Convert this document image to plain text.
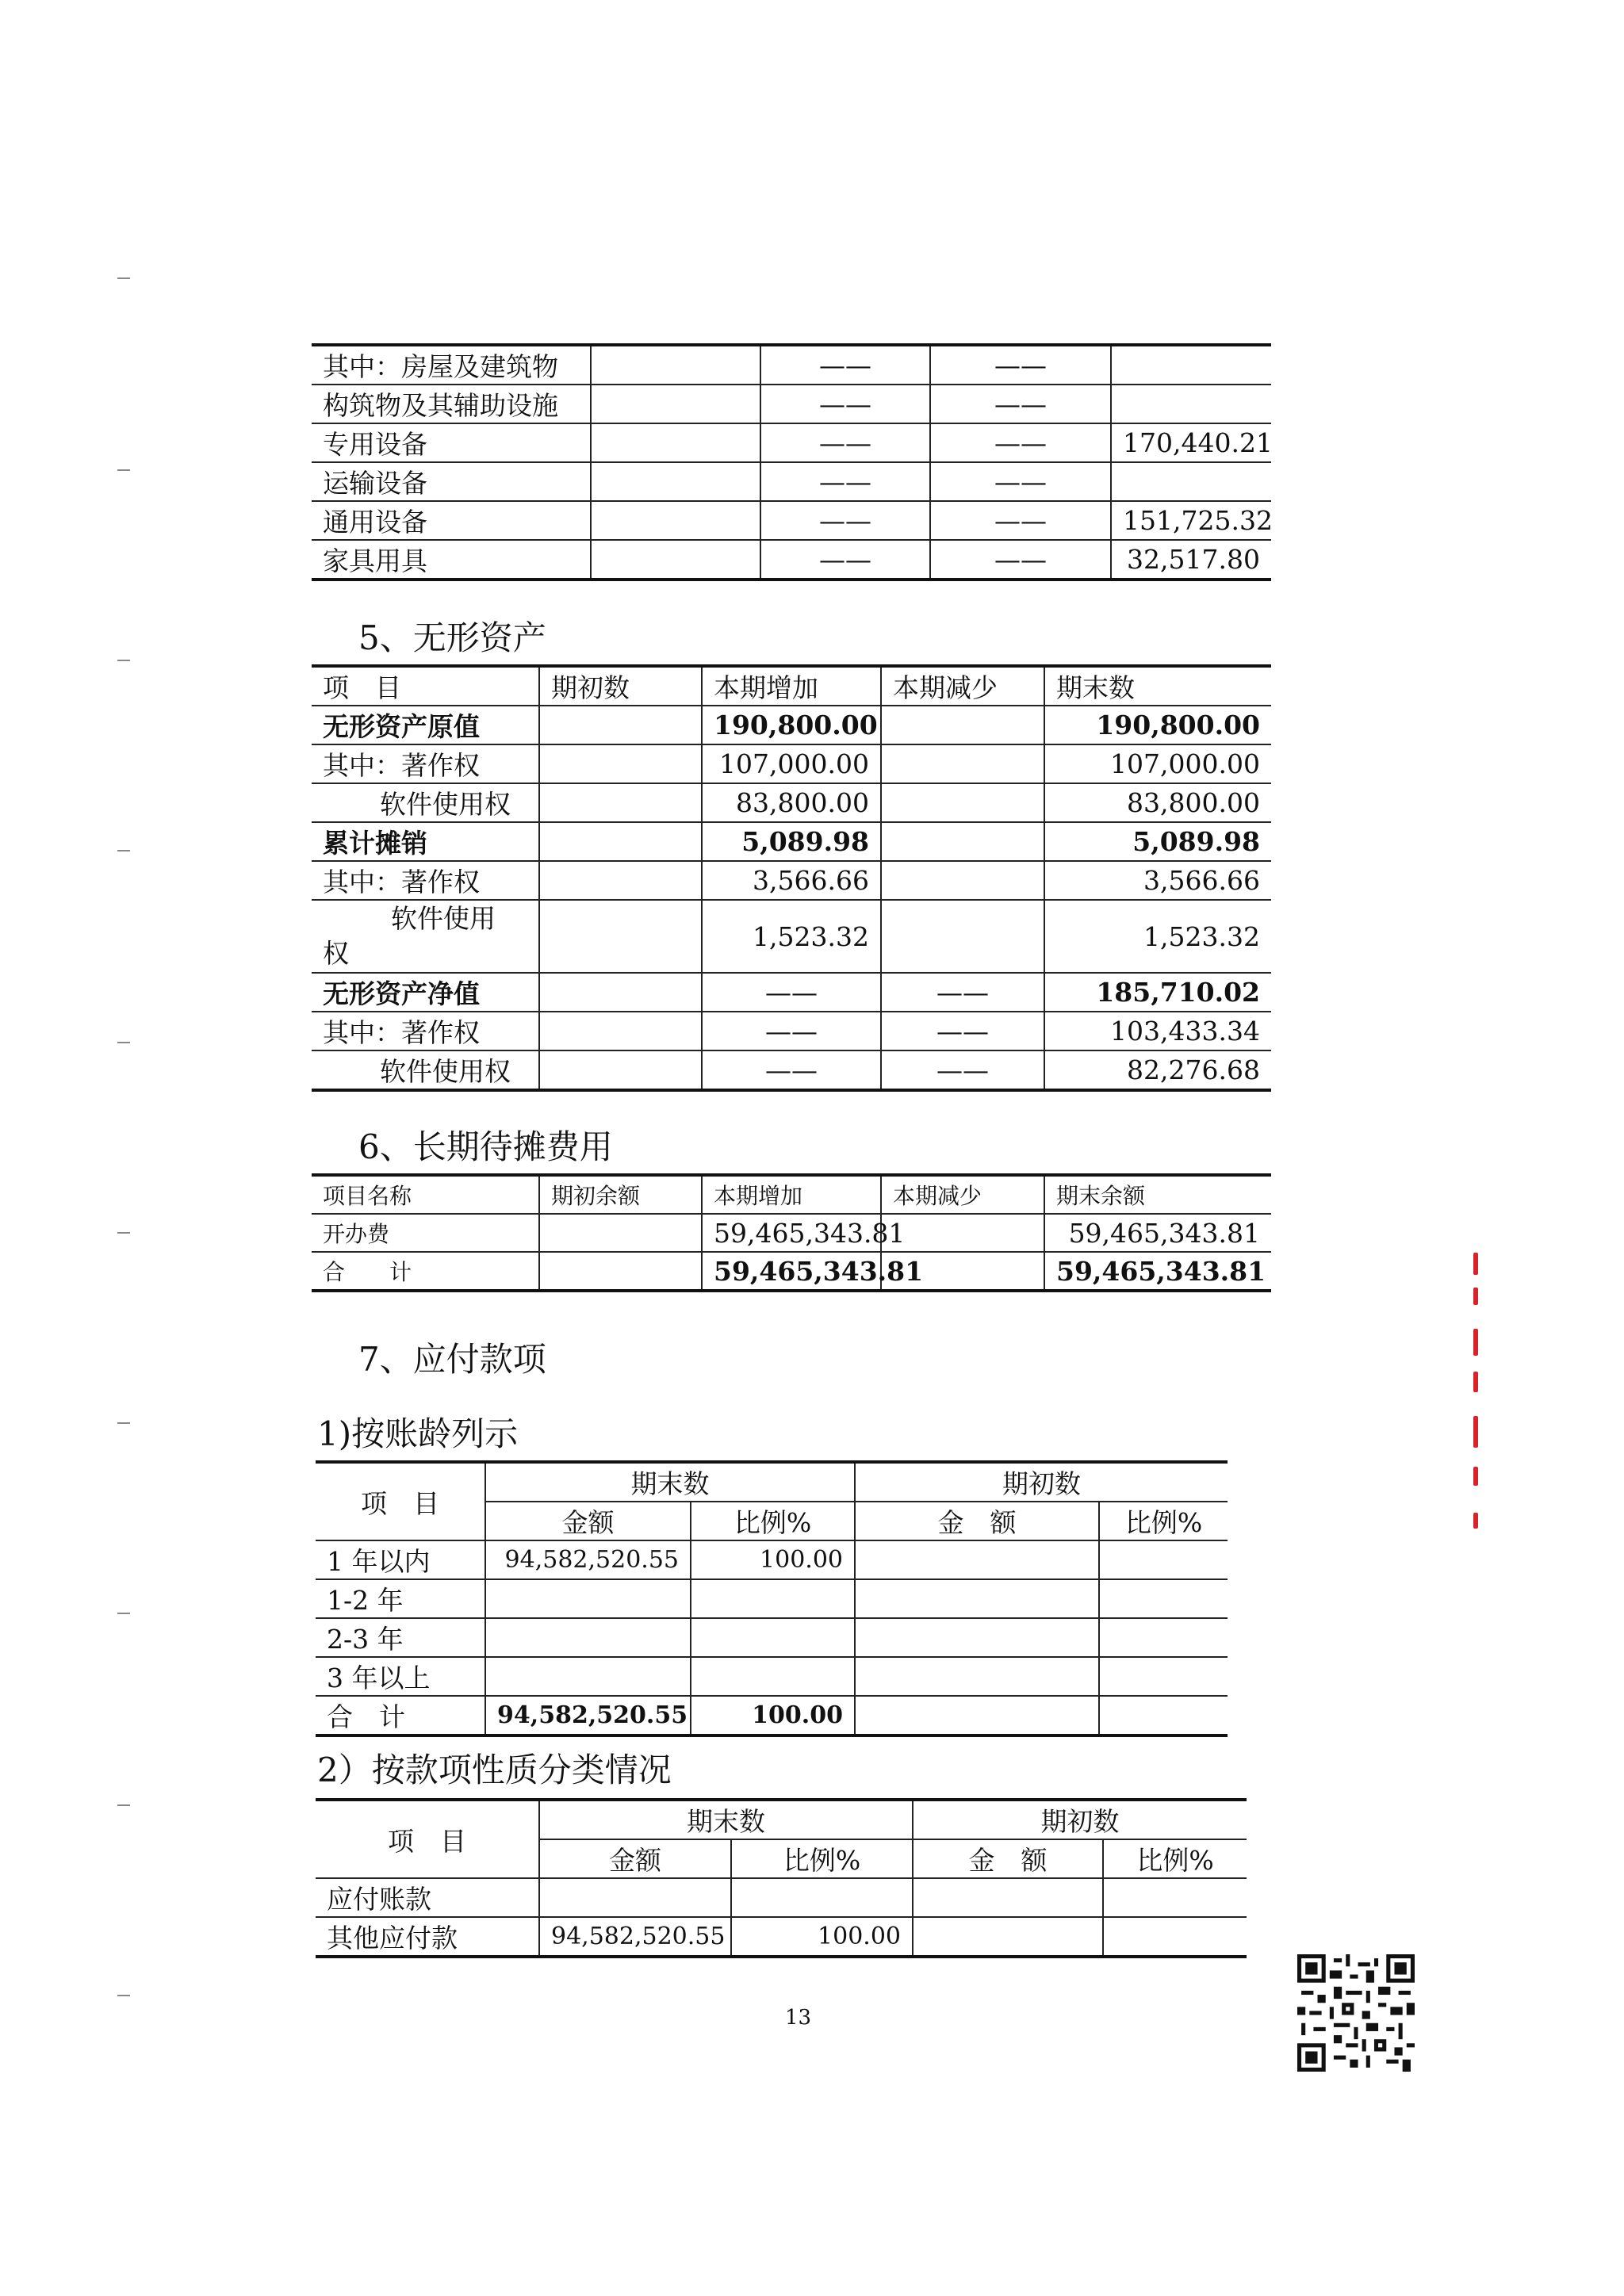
其中：房屋及建筑物		——	——	
构筑物及其辅助设施		——	——	
专用设备		——	——	170,440.21
运输设备		——	——	
通用设备		——	——	151,725.32
家具用具		——	——	32,517.80
5、无形资产
项　目	期初数	本期增加	本期减少	期末数
无形资产原值		190,800.00		190,800.00
其中：著作权		107,000.00		107,000.00
软件使用权		83,800.00		83,800.00
累计摊销		5,089.98		5,089.98
其中：著作权		3,566.66		3,566.66

软件使用
权		1,523.32		1,523.32
无形资产净值		——	——	185,710.02
其中：著作权		——	——	103,433.34
软件使用权		——	——	82,276.68
6、长期待摊费用
项目名称	期初余额	本期增加	本期减少	期末余额
开办费		59,465,343.81		59,465,343.81
合　　计		59,465,343.81		59,465,343.81
7、应付款项
1)按账龄列示
项　目	期末数		期初数	
	金额	比例%	金　额	比例%
1 年以内	94,582,520.55	100.00		
1-2 年				
2-3 年				
3 年以上				
合　计	94,582,520.55	100.00		
2）按款项性质分类情况
项　目	期末数		期初数	
	金额	比例%	金　额	比例%
应付账款				
其他应付款	94,582,520.55	100.00		
13
